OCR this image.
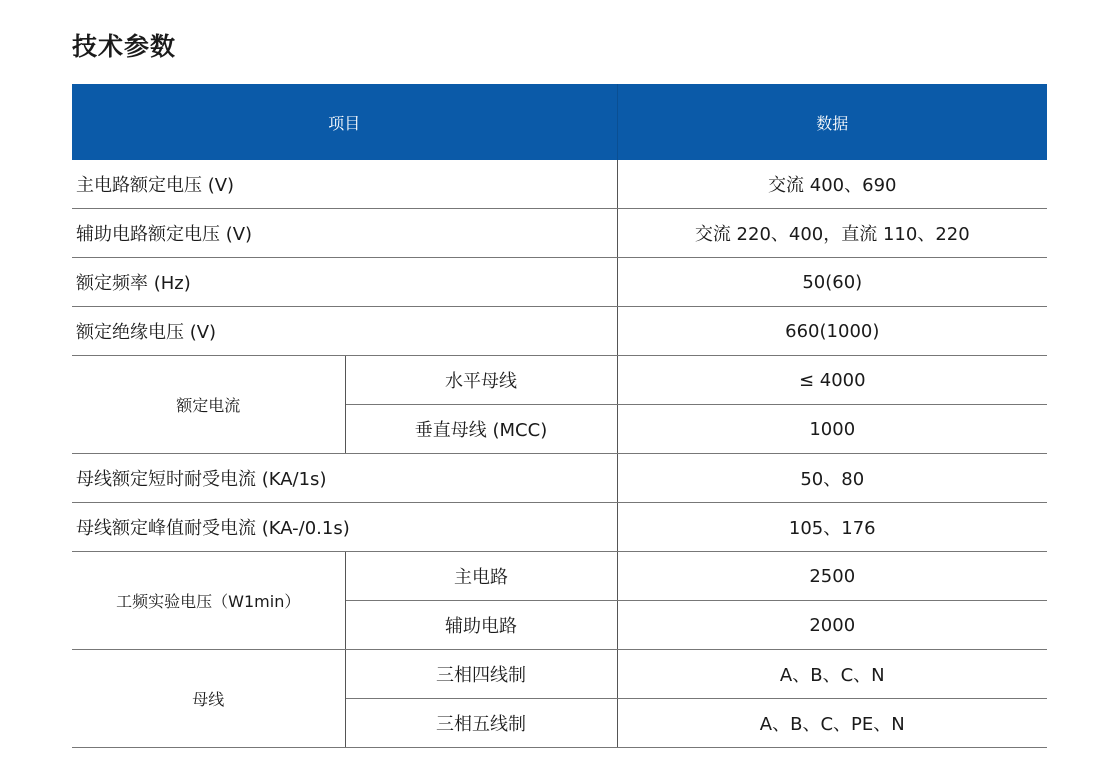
技术参数
项目		数据
主电路额定电压 (V)		交流 400、690
辅助电路额定电压 (V)		交流 220、400，直流 110、220
额定频率 (Hz)		50(60)
额定绝缘电压 (V)		660(1000)
额定电流	水平母线	≤ 4000
	垂直母线 (MCC)	1000
母线额定短时耐受电流 (KA/1s)		50、80
母线额定峰值耐受电流 (KA-/0.1s)		105、176
工频实验电压（W1min）	主电路	2500
	辅助电路	2000
母线	三相四线制	A、B、C、N
	三相五线制	A、B、C、PE、N
